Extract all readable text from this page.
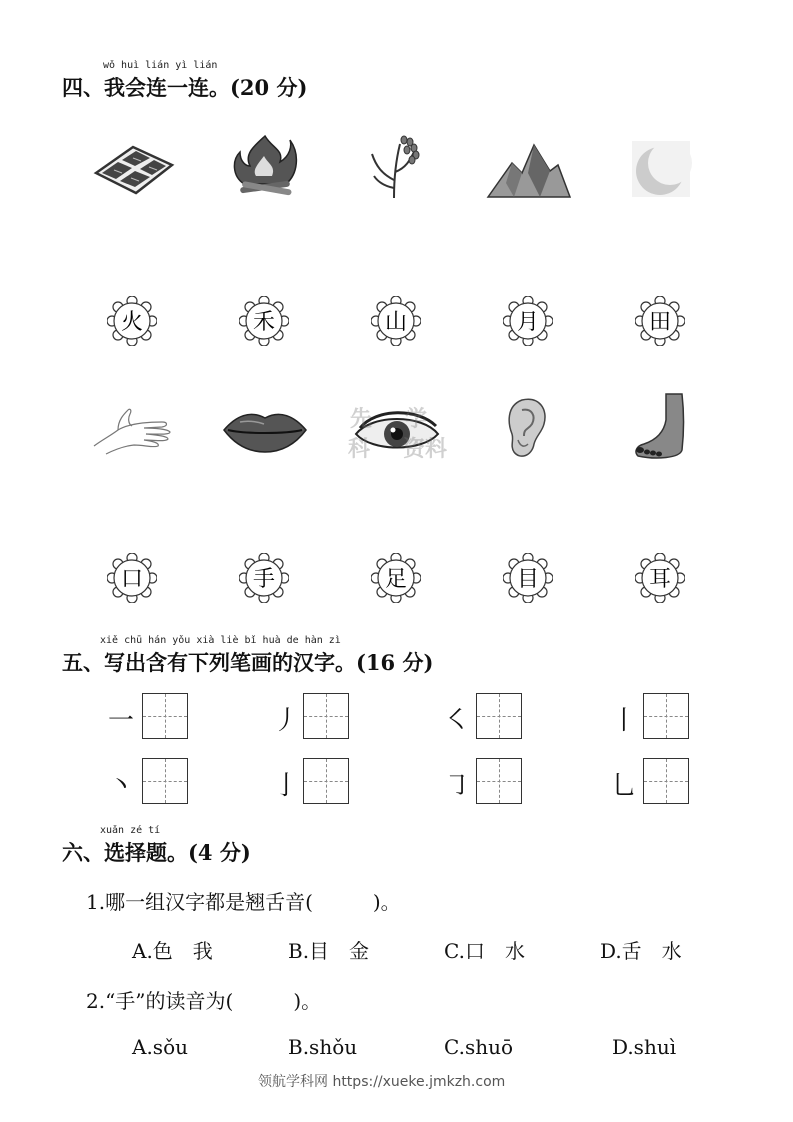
wǒ huì lián yì lián
四、我会连一连。(20 分)
火	禾	山	月	田
先    学
科    资料
口	手	足	目	耳
xiě chū hán yǒu xià liè bǐ huà de hàn zì
五、写出含有下列笔画的汉字。(16 分)
一	丿	㇛	丨
丶	亅	㇆	乚
xuǎn zé tí
六、选择题。(4 分)
1.哪一组汉字都是翘舌音(　　　)。
A.色　我	B.目　金	C.口　水	D.舌　水
2.“手”的读音为(　　　)。
A.sǒu	B.shǒu	C.shuō	D.shuì
领航学科网 https://xueke.jmkzh.com
